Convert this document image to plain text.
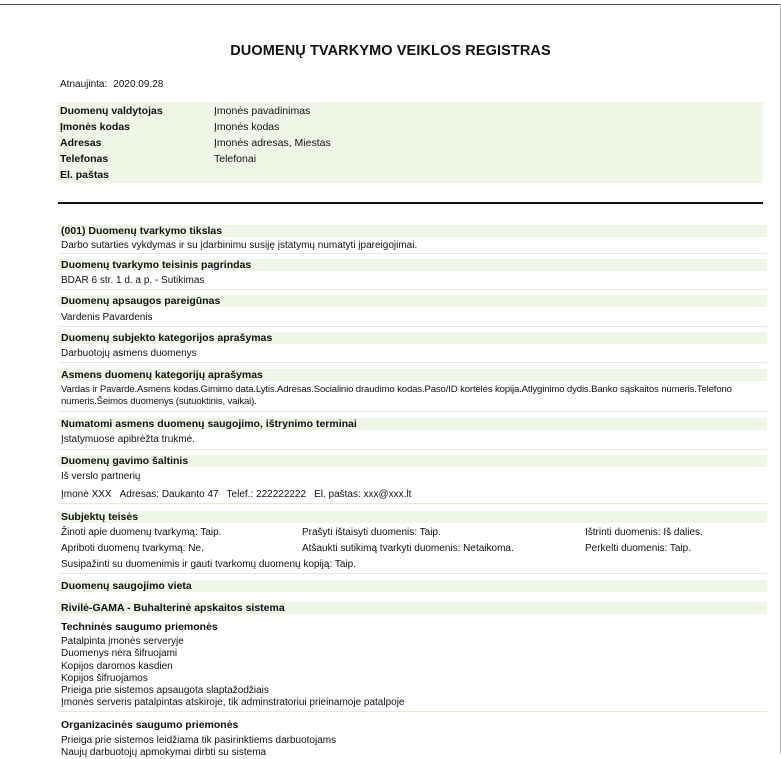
DUOMENŲ TVARKYMO VEIKLOS REGISTRAS
Atnaujinta: 2020.09.28
Duomenų valdytojas	Įmonės pavadinimas
Įmonės kodas	Įmonės kodas
Adresas	Įmonės adresas, Miestas
Telefonas	Telefonai
El. paštas
(001) Duomenų tvarkymo tikslas
Darbo sutarties vykdymas ir su įdarbinimu susiję įstatymų numatyti įpareigojimai.
Duomenų tvarkymo teisinis pagrindas
BDAR 6 str. 1 d. a p. - Sutikimas
Duomenų apsaugos pareigūnas
Vardenis Pavardenis
Duomenų subjekto kategorijos aprašymas
Darbuotojų asmens duomenys
Asmens duomenų kategorijų aprašymas
Vardas ir Pavardė.Asmens kodas.Gimimo data.Lytis.Adresas.Socialinio draudimo kodas.Paso/ID kortelės kopija.Atlyginimo dydis.Banko sąskaitos numeris.Telefono numeris.Šeimos duomenys (sutuoktinis, vaikai).
Numatomi asmens duomenų saugojimo, ištrynimo terminai
Įstatymuose apibrėžta trukmė.
Duomenų gavimo šaltinis
Iš verslo partnerių
Įmonė XXX Adresas: Daukanto 47 Telef.: 222222222 El. paštas: xxx@xxx.lt
Subjektų teisės
Žinoti apie duomenų tvarkymą: Taip.	Prašyti ištaisyti duomenis: Taip.	Ištrinti duomenis: Iš dalies.
Apriboti duomenų tvarkymą: Ne.	Atšaukti sutikimą tvarkyti duomenis: Netaikoma.	Perkelti duomenis: Taip.
Susipažinti su duomenimis ir gauti tvarkomų duomenų kopiją: Taip.
Duomenų saugojimo vieta
Rivilė-GAMA - Buhalterinė apskaitos sistema
Techninės saugumo priemonės
Patalpinta įmonės serveryje
Duomenys nėra šifruojami
Kopijos daromos kasdien
Kopijos šifruojamos
Prieiga prie sistemos apsaugota slaptažodžiais
Įmonės serveris patalpintas atskiroje, tik adminstratoriui prieinamoje patalpoje
Organizacinės saugumo priemonės
Prieiga prie sistemos leidžiama tik pasirinktiems darbuotojams
Naujų darbuotojų apmokymai dirbti su sistema
